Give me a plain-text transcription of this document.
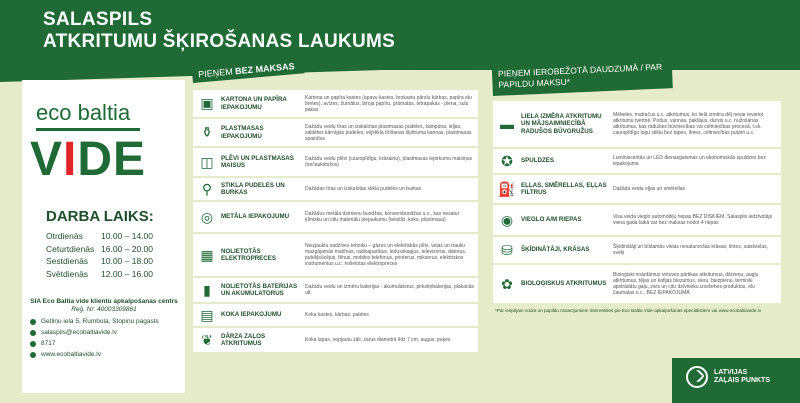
SALASPILS
ATKRITUMU ŠĶIROŠANAS LAUKUMS
eco baltia
VIDE
DARBA LAIKS:
Otrdienās	10.00 – 14.00
Ceturtdienās 16.00 – 20.00
Sestdienās	10.00 – 18.00
Svētdienās	12.00 – 16.00
SIA Eco Baltia vide klientu apkalpošanas centrs
Reģ. Nr. 40003309861
Getliņu iela 5, Rumbula, Stopiņu pagasts
salaspils@ecobaltiavide.lv
8717
www.ecobaltiavide.lv
PIEŅEM BEZ MAKSAS
▣	KARTONA UN PAPĪRA IEPAKOJUMU
Kartona un papīra kastes (apavu kastes, brokastu pārslu kārbas, papīra olu bretes), avīzes, žurnālus, biroja papīru, grāmatas, tetrapakas - piena, sulu pakas
⚱	PLASTMASAS IEPAKOJUMU
Dažādu veidu tīras un izskalotas plastmasas pudeles, šampūna, ieļļas, saldētes kārnīgās pudeles, vējstikla tīrīšanas šķidruma kannas, plastmasas spainītus
◫	PLĒVI UN PLASTMASAS MAISUS
Dažādu veidu plēvi (caurspīdīgu, krāsainu), plastmasas iepirkumu maisiņus (nečaukstošos)
⚲	STIKLA PUDELES UN BURKAS	Dažādas tīras un izskalotas stikla pudeles un burkas
◎	METĀLA IEPAKOJUMU	Dažādus metāla dzērienu bundžas, konservbundžas u.c., kas nesatur ķīmisku un citu materiālu piejaukumu (tekstils, koks, plastmasa)
▦	NOLIETOTĀS ELEKTROPRECES
Neizjauktu sadzīves tehniku – gāzes un elektriskās plīts, veļas un trauku mazgājamās mašīnas, radioaparātus, ledusskapjus, televizorus, datorus, putekļsūcējus, fēnus, mobilos telefonus, printerus, mikserus, elektriskos instrumentus u.c. nolietotas elektropreces
▮	NOLIETOTĀS BATERIJAS UN AKUMULATORUS
Dažādu veidu un izmēru baterijas - akumulatorus, pirkstiņbaterijas, plakanās utt.
▤	KOKA IEPAKOJUMU	Koka kastes, kārbas, paletes
❦	DĀRZA ZAĻOS ATKRITUMUS	Koka lapas, nopļautu zāli, zarus diametrā līdz 7 cm, augus, puķes
PIEŅEM IEROBEŽOTĀ DAUDZUMĀ / PAR PAPILDU MAKSU*
▬	LIELA IZMĒRA ATKRITUMU UN MĀJSAIMNIECĪBĀ RADUŠOS BŪVGRUŽUS
Mēbeles, matračus u.c. atkritumus, ko lielā izmēra dēļ nevar ievietot atkritumu tvertnē. Podus, vannas, paklājus, durvis u.c. nužošanas atkritumus, kas radušies būvniecības vai celtniecības procesā, t.sk. caurspīdīgu logu stiklu bez tapes, līmes, celtniecības putām u.c.
✪	SPULDZES	Luminiscentās un LED dienasgaismas un ekonomiskās spuldzes bez iepakojuma
⛽ EĻĻAS, SMĒRELLAS, EĻĻAS FILTRUS	Dažāda veida eļļas un smērellas
◉	VIEGLO A/M RIEPAS	Visa veida vieglo automobiļu riepas BEZ DISKIEM. Salaspils iedzīvotājs viena gada laikā var bez maksas nodot 4 riepas
⛁	ŠĶĪDINĀTĀJI, KRĀSAS	Šķīdinātāji un bīstamās vielas nesatursošas krāsas, tintes, saistvielas, sveķi
✿	BIOLOĢISKUS ATKRITUMUS
Bioloģiski noārdāmus virtuves pārtikas atkritumus, dārzeņu, augļu atkritumus, tējas un kafijas biezumus, sieru, biezpienu, termiski apstrādātu gaļu, zivis un citu dzīvnieku izcelsmes produktus, olu čaumalas u.c., BEZ IEPAKOJUMA
*Par iespējām nodot un papildu nosacījumiem interesēties pie Eco Baltia Vide apkalpošanas speciālistiem vai www.ecobaltiavide.lv
LATVIJAS
ZAĻAIS PUNKTS
